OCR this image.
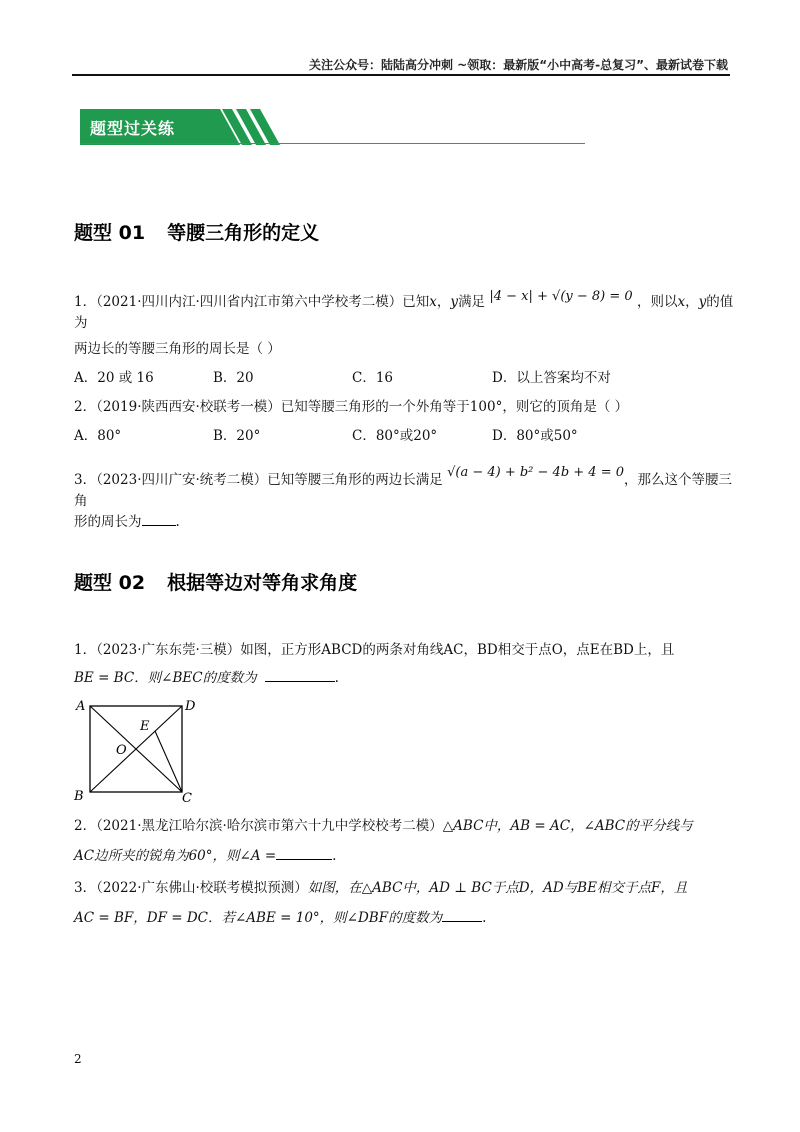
关注公众号：陆陆高分冲刺 ~领取：最新版“小中高考-总复习”、最新试卷下载
题型过关练
题型 01 等腰三角形的定义
1．（2021·四川内江·四川省内江市第六中学校考二模）已知x，y满足 |4 − x| + √(y − 8) = 0 ，则以x，y的值为
两边长的等腰三角形的周长是（ ）
A．20 或 16	B．20	C．16	D．以上答案均不对
2．（2019·陕西西安·校联考一模）已知等腰三角形的一个外角等于100°，则它的顶角是（ ）
A．80°	B．20°	C．80°或20°	D．80°或50°
3．（2023·四川广安·统考二模）已知等腰三角形的两边长满足 √(a − 4) + b² − 4b + 4 = 0，那么这个等腰三角
形的周长为	.
题型 02 根据等边对等角求角度
1．（2023·广东东莞·三模）如图，正方形ABCD的两条对角线AC，BD相交于点O，点E在BD上，且
BE = BC．则∠BEC的度数为	.
A	D
B	C
E
O
2．（2021·黑龙江哈尔滨·哈尔滨市第六十九中学校校考二模）△ABC中，AB = AC，∠ABC的平分线与
AC边所夹的锐角为60°，则∠A =	.
3．（2022·广东佛山·校联考模拟预测）如图，在△ABC中，AD ⊥ BC于点D，AD与BE相交于点F，且
AC = BF，DF = DC．若∠ABE = 10°，则∠DBF的度数为	.
2
